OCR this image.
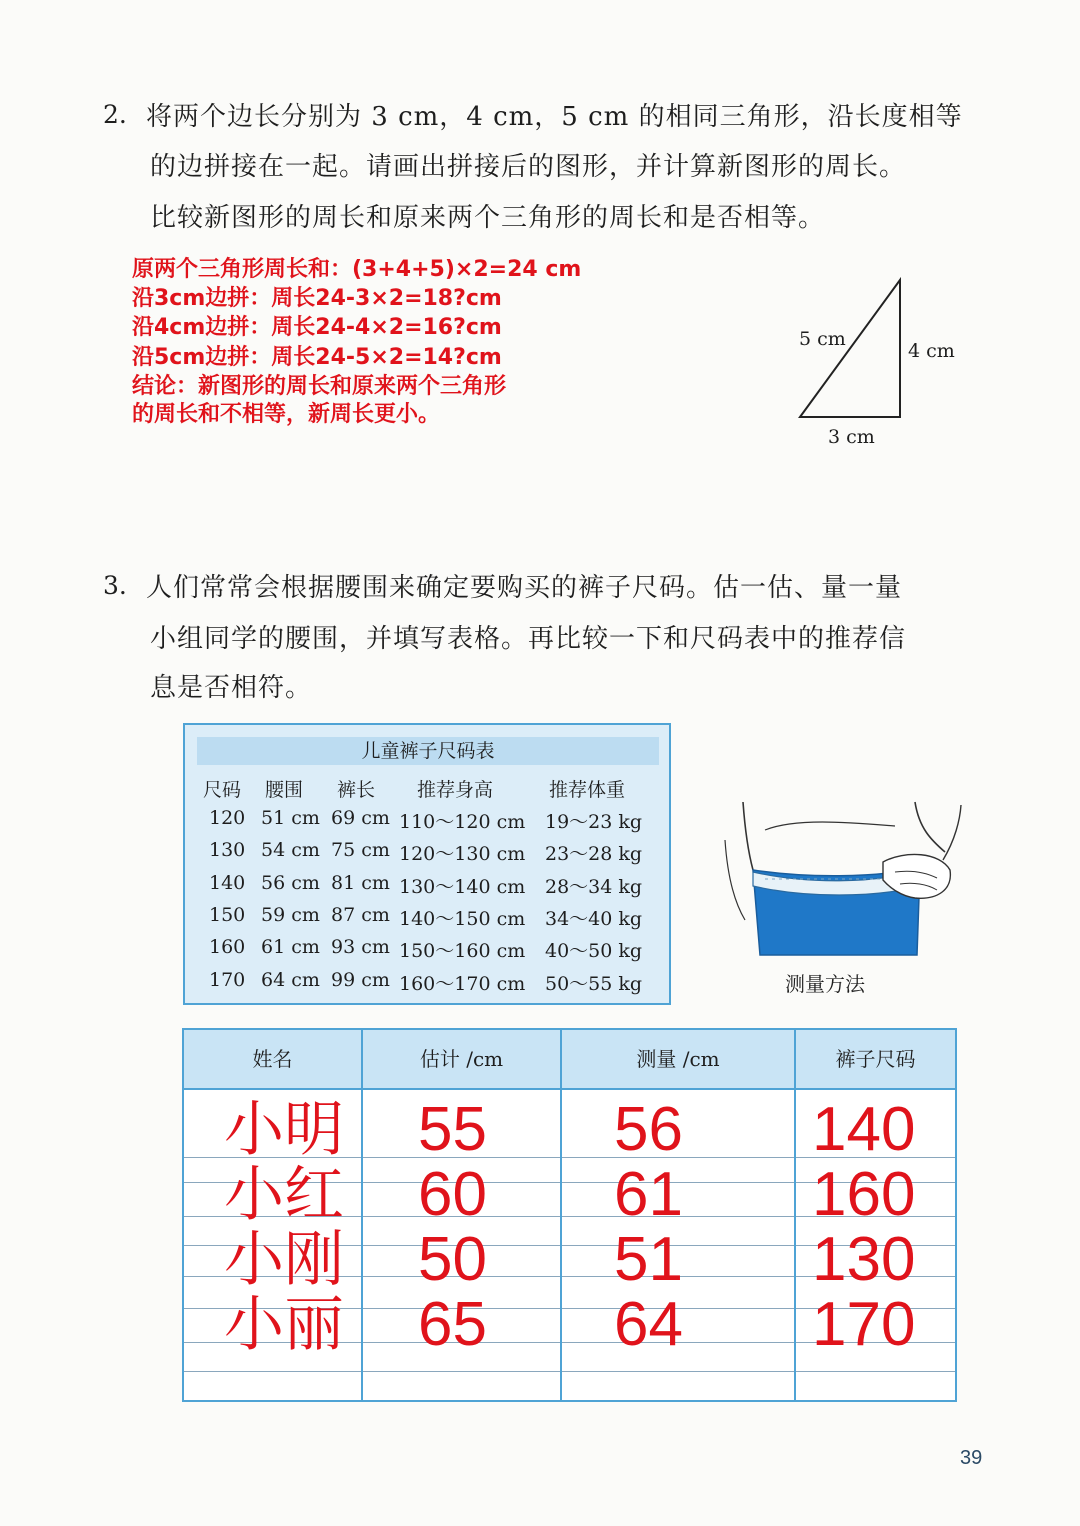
2. 将两个边长分别为 3 cm，4 cm，5 cm 的相同三角形，沿长度相等
的边拼接在一起。请画出拼接后的图形，并计算新图形的周长。
比较新图形的周长和原来两个三角形的周长和是否相等。
原两个三角形周长和：(3+4+5)×2=24 cm
沿3cm边拼：周长24-3×2=18?cm
沿4cm边拼：周长24-4×2=16?cm
沿5cm边拼：周长24-5×2=14?cm
结论：新图形的周长和原来两个三角形
的周长和不相等，新周长更小。
5 cm
4 cm
3 cm
3. 人们常常会根据腰围来确定要购买的裤子尺码。估一估、量一量
小组同学的腰围，并填写表格。再比较一下和尺码表中的推荐信
息是否相符。
儿童裤子尺码表
尺码 腰围 裤长 推荐身高	推荐体重
120 51 cm 69 cm 110～120 cm 19～23 kg
130 54 cm 75 cm 120～130 cm 23～28 kg
140 56 cm 81 cm 130～140 cm 28～34 kg
150 59 cm 87 cm 140～150 cm 34～40 kg
160 61 cm 93 cm 150～160 cm 40～50 kg
170 64 cm 99 cm 160～170 cm 50～55 kg	测量方法
姓名	估计 /cm	测量 /cm	裤子尺码
小明 55 56 140
小红 60 61 160
小刚 50 51 130
小丽 65 64 170
39
